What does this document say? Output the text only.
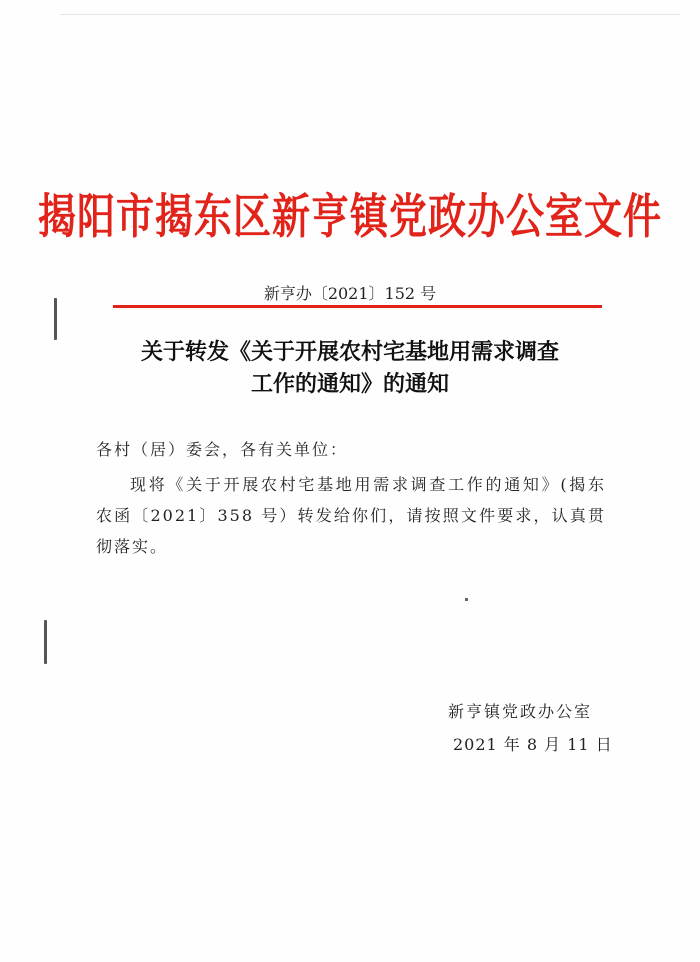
揭阳市揭东区新亨镇党政办公室文件
新亨办〔2021〕152 号
关于转发《关于开展农村宅基地用需求调查
工作的通知》的通知
各村（居）委会，各有关单位：
现将《关于开展农村宅基地用需求调查工作的通知》(揭东农函〔2021〕358 号）转发给你们，请按照文件要求，认真贯彻落实。
新亨镇党政办公室
2021 年 8 月 11 日
